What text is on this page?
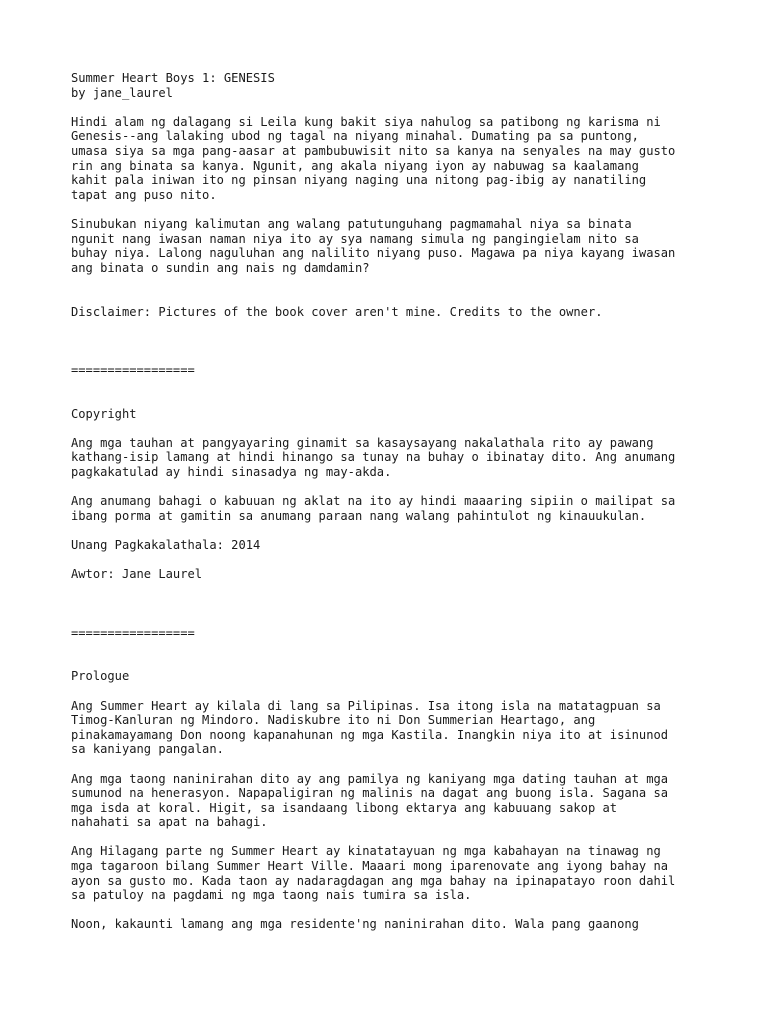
Summer Heart Boys 1: GENESIS
by jane_laurel
Hindi alam ng dalagang si Leila kung bakit siya nahulog sa patibong ng karisma ni
Genesis--ang lalaking ubod ng tagal na niyang minahal. Dumating pa sa puntong,
umasa siya sa mga pang-aasar at pambubuwisit nito sa kanya na senyales na may gusto
rin ang binata sa kanya. Ngunit, ang akala niyang iyon ay nabuwag sa kaalamang
kahit pala iniwan ito ng pinsan niyang naging una nitong pag-ibig ay nanatiling
tapat ang puso nito.
Sinubukan niyang kalimutan ang walang patutunguhang pagmamahal niya sa binata
ngunit nang iwasan naman niya ito ay sya namang simula ng pangingielam nito sa
buhay niya. Lalong naguluhan ang nalilito niyang puso. Magawa pa niya kayang iwasan
ang binata o sundin ang nais ng damdamin?
Disclaimer: Pictures of the book cover aren't mine. Credits to the owner.
=================
Copyright
Ang mga tauhan at pangyayaring ginamit sa kasaysayang nakalathala rito ay pawang
kathang-isip lamang at hindi hinango sa tunay na buhay o ibinatay dito. Ang anumang
pagkakatulad ay hindi sinasadya ng may-akda.
Ang anumang bahagi o kabuuan ng aklat na ito ay hindi maaaring sipiin o mailipat sa
ibang porma at gamitin sa anumang paraan nang walang pahintulot ng kinauukulan.
Unang Pagkakalathala: 2014
Awtor: Jane Laurel
=================
Prologue
Ang Summer Heart ay kilala di lang sa Pilipinas. Isa itong isla na matatagpuan sa
Timog-Kanluran ng Mindoro. Nadiskubre ito ni Don Summerian Heartago, ang
pinakamayamang Don noong kapanahunan ng mga Kastila. Inangkin niya ito at isinunod
sa kaniyang pangalan.
Ang mga taong naninirahan dito ay ang pamilya ng kaniyang mga dating tauhan at mga
sumunod na henerasyon. Napapaligiran ng malinis na dagat ang buong isla. Sagana sa
mga isda at koral. Higit, sa isandaang libong ektarya ang kabuuang sakop at
nahahati sa apat na bahagi.
Ang Hilagang parte ng Summer Heart ay kinatatayuan ng mga kabahayan na tinawag ng
mga tagaroon bilang Summer Heart Ville. Maaari mong iparenovate ang iyong bahay na
ayon sa gusto mo. Kada taon ay nadaragdagan ang mga bahay na ipinapatayo roon dahil
sa patuloy na pagdami ng mga taong nais tumira sa isla.
Noon, kakaunti lamang ang mga residente'ng naninirahan dito. Wala pang gaanong
